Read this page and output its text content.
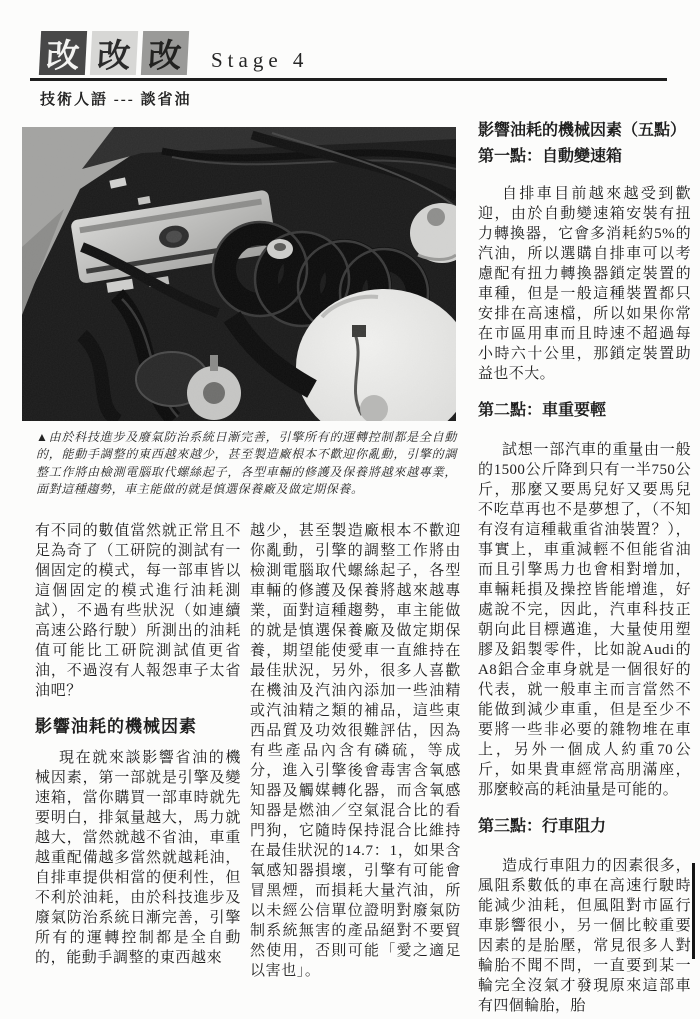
改 改 改	Stage 4
技術人語 --- 談省油
▲由於科技進步及廢氣防治系統日漸完善，引擎所有的運轉控制都是全自動的，能動手調整的東西越來越少，甚至製造廠根本不歡迎你亂動，引擎的調整工作將由檢測電腦取代螺絲起子，各型車輛的修護及保養將越來越專業，面對這種趨勢，車主能做的就是慎選保養廠及做定期保養。

有不同的數值當然就正常且不足為奇了（工研院的測試有一個固定的模式，每一部車皆以這個固定的模式進行油耗測試），不過有些狀況（如連續高速公路行駛）所測出的油耗值可能比工研院測試值更省油，不過沒有人報怨車子太省油吧？

影響油耗的機械因素

現在就來談影響省油的機械因素，第一部就是引擎及變速箱，當你購買一部車時就先要明白，排氣量越大，馬力就越大，當然就越不省油，車重越重配備越多當然就越耗油，自排車提供相當的便利性，但不利於油耗，由於科技進步及廢氣防治系統日漸完善，引擎所有的運轉控制都是全自動的，能動手調整的東西越來

越少，甚至製造廠根本不歡迎你亂動，引擎的調整工作將由檢測電腦取代螺絲起子，各型車輛的修護及保養將越來越專業，面對這種趨勢，車主能做的就是慎選保養廠及做定期保養，期望能使愛車一直維持在最佳狀況，另外，很多人喜歡在機油及汽油內添加一些油精或汽油精之類的補品，這些東西品質及功效很難評估，因為有些產品內含有磷硫，等成分，進入引擎後會毒害含氧感知器及觸媒轉化器，而含氧感知器是燃油／空氣混合比的看門狗，它隨時保持混合比維持在最佳狀況的14.7：1，如果含氧感知器損壞，引擎有可能會冒黑煙，而損耗大量汽油，所以未經公信單位證明對廢氣防制系統無害的產品絕對不要貿然使用，否則可能「愛之適足以害也」。

影響油耗的機械因素（五點）
第一點：自動變速箱

自排車目前越來越受到歡迎，由於自動變速箱安裝有扭力轉換器，它會多消耗約5%的汽油，所以選購自排車可以考慮配有扭力轉換器鎖定裝置的車種，但是一般這種裝置都只安排在高速檔，所以如果你常在市區用車而且時速不超過每小時六十公里，那鎖定裝置助益也不大。

第二點：車重要輕

試想一部汽車的重量由一般的1500公斤降到只有一半750公斤，那麼又要馬兒好又要馬兒不吃草再也不是夢想了，（不知有沒有這種載重省油裝置？），事實上，車重減輕不但能省油而且引擎馬力也會相對增加，車輛耗損及操控皆能增進，好處說不完，因此，汽車科技正朝向此目標邁進，大量使用塑膠及鋁製零件，比如說Audi的A8鋁合金車身就是一個很好的代表，就一般車主而言當然不能做到減少車重，但是至少不要將一些非必要的雜物堆在車上，另外一個成人約重70公斤，如果貴車經常高朋滿座，那麼較高的耗油量是可能的。

第三點：行車阻力

造成行車阻力的因素很多，風阻系數低的車在高速行駛時能減少油耗，但風阻對市區行車影響很小，另一個比較重要因素的是胎壓，常見很多人對輪胎不聞不問，一直要到某一輪完全沒氣才發現原來這部車有四個輪胎，胎
